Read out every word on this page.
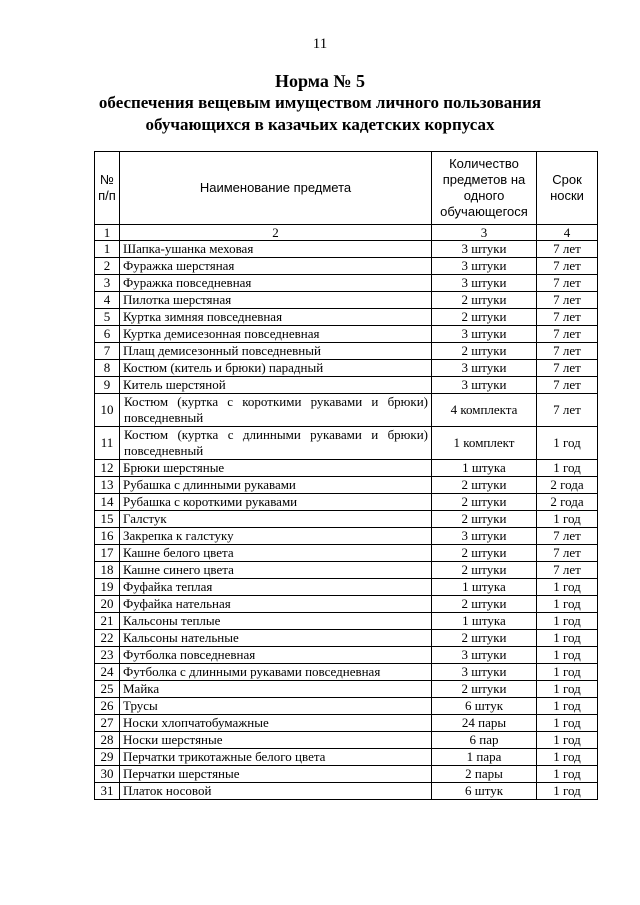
11
Норма № 5
обеспечения вещевым имуществом личного пользования
обучающихся в казачьих кадетских корпусах
№ п/п	Наименование предмета	Количество предметов на одного обучающегося	Срок носки
1	2	3	4
1	Шапка-ушанка меховая	3 штуки	7 лет
2	Фуражка шерстяная	3 штуки	7 лет
3	Фуражка повседневная	3 штуки	7 лет
4	Пилотка шерстяная	2 штуки	7 лет
5	Куртка зимняя повседневная	2 штуки	7 лет
6	Куртка демисезонная повседневная	3 штуки	7 лет
7	Плащ демисезонный повседневный	2 штуки	7 лет
8	Костюм (китель и брюки) парадный	3 штуки	7 лет
9	Китель шерстяной	3 штуки	7 лет
10	Костюм (куртка с короткими рукавами и брюки) повседневный	4 комплекта	7 лет
11	Костюм (куртка с длинными рукавами и брюки) повседневный	1 комплект	1 год
12	Брюки шерстяные	1 штука	1 год
13	Рубашка с длинными рукавами	2 штуки	2 года
14	Рубашка с короткими рукавами	2 штуки	2 года
15	Галстук	2 штуки	1 год
16	Закрепка к галстуку	3 штуки	7 лет
17	Кашне белого цвета	2 штуки	7 лет
18	Кашне синего цвета	2 штуки	7 лет
19	Фуфайка теплая	1 штука	1 год
20	Фуфайка нательная	2 штуки	1 год
21	Кальсоны теплые	1 штука	1 год
22	Кальсоны нательные	2 штуки	1 год
23	Футболка повседневная	3 штуки	1 год
24	Футболка с длинными рукавами повседневная	3 штуки	1 год
25	Майка	2 штуки	1 год
26	Трусы	6 штук	1 год
27	Носки хлопчатобумажные	24 пары	1 год
28	Носки шерстяные	6 пар	1 год
29	Перчатки трикотажные белого цвета	1 пара	1 год
30	Перчатки шерстяные	2 пары	1 год
31	Платок носовой	6 штук	1 год
